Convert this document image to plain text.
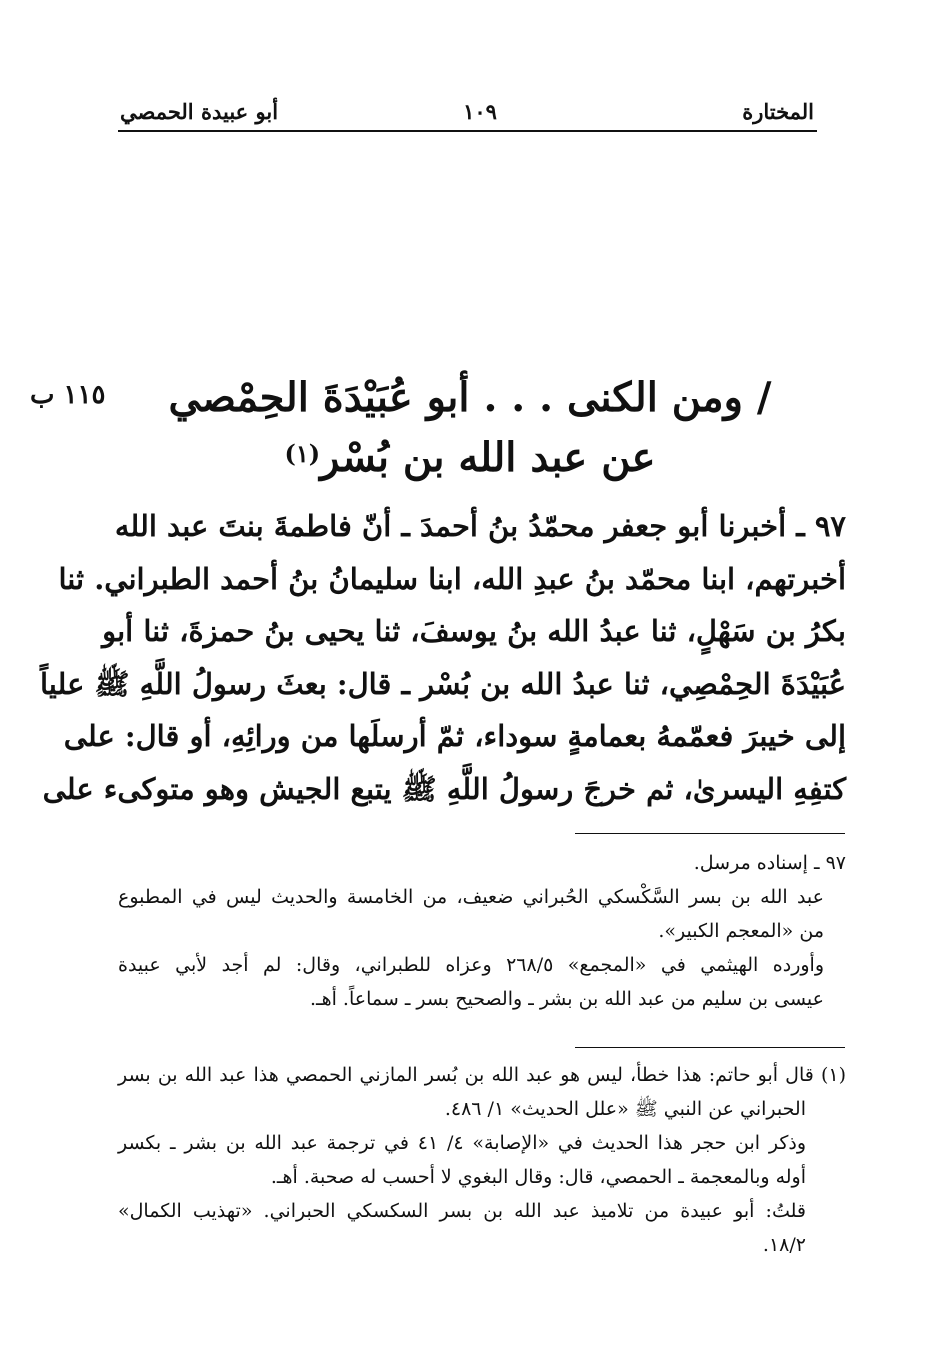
المختارة
١٠٩
أبو عبيدة الحمصي
١١٥ ب	/ ومن الكنى . . . أبو عُبَيْدَةَ الحِمْصي
عن عبد الله بن بُسْر$^{(١)}$
٩٧ ـ أخبرنا أبو جعفر محمّدُ بنُ أحمدَ ـ أنّ فاطمةَ بنتَ عبد الله
أخبرتهم، ابنا محمّد بنُ عبدِ الله، ابنا سليمانُ بنُ أحمد الطبراني. ثنا
بكرُ بن سَهْلٍ، ثنا عبدُ الله بنُ يوسفَ، ثنا يحيى بنُ حمزةَ، ثنا أبو
عُبَيْدَةَ الحِمْصِي، ثنا عبدُ الله بن بُسْر ـ قال: بعثَ رسولُ اللَّهِ ﷺ علياً
إلى خيبرَ فعمّمهُ بعمامةٍ سوداء، ثمّ أرسلَها من ورائِهِ، أو قال: على
كتفِهِ اليسرىٰ، ثم خرجَ رسولُ اللَّهِ ﷺ يتبع الجيش وهو متوكىء على
٩٧ ـ إسناده مرسل.
عبد الله بن بسر السَّكْسكي الحُبراني ضعيف، من الخامسة والحديث ليس في المطبوع
من «المعجم الكبير».
وأورده الهيثمي في «المجمع» ٢٦٨/٥ وعزاه للطبراني، وقال: لم أجد لأبي عبيدة
عيسى بن سليم من عبد الله بن بشر ـ والصحيح بسر ـ سماعاً. أهـ.
(١) قال أبو حاتم: هذا خطأ، ليس هو عبد الله بن بُسر المازني الحمصي هذا عبد الله بن بسر
الحبراني عن النبي ﷺ «علل الحديث» ١/ ٤٨٦.
وذكر ابن حجر هذا الحديث في «الإصابة» ٤/ ٤١ في ترجمة عبد الله بن بشر ـ بكسر
أوله وبالمعجمة ـ الحمصي، قال: وقال البغوي لا أحسب له صحبة. أهـ.
قلتُ: أبو عبيدة من تلاميذ عبد الله بن بسر السكسكي الحبراني. «تهذيب الكمال»
١٨/٢.
